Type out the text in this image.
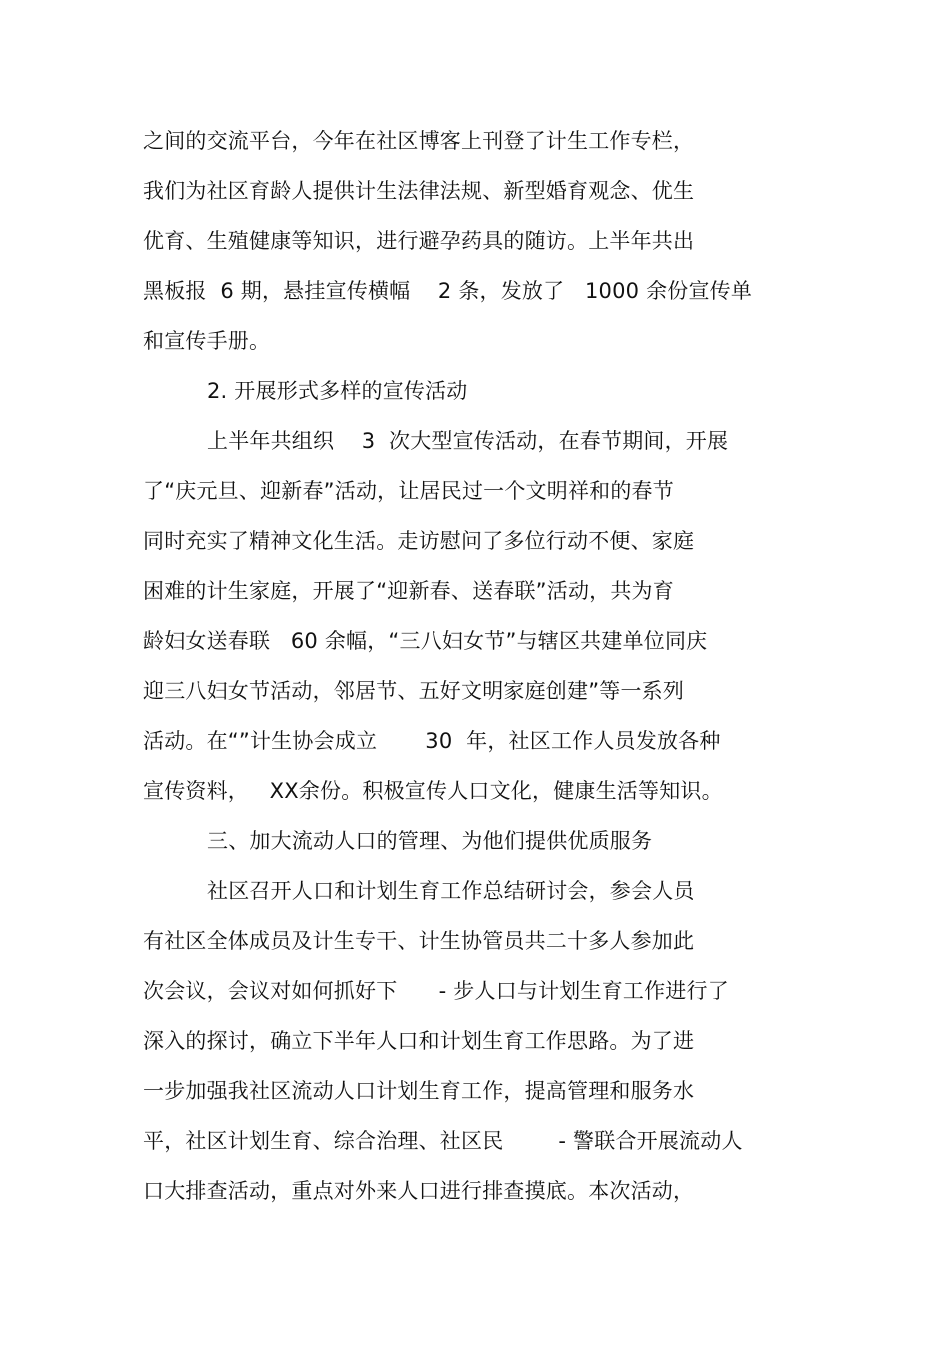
之间的交流平台，今年在社区博客上刊登了计生工作专栏，
我们为社区育龄人提供计生法律法规、新型婚育观念、优生
优育、生殖健康等知识，进行避孕药具的随访。上半年共出
黑板报  6 期，悬挂宣传横幅    2 条，发放了   1000 余份宣传单
和宣传手册。
2. 开展形式多样的宣传活动
上半年共组织    3  次大型宣传活动，在春节期间，开展
了“庆元旦、迎新春”活动，让居民过一个文明祥和的春节
同时充实了精神文化生活。走访慰问了多位行动不便、家庭
困难的计生家庭，开展了“迎新春、送春联”活动，共为育
龄妇女送春联   60 余幅，“三八妇女节”与辖区共建单位同庆
迎三八妇女节活动，邻居节、五好文明家庭创建”等一系列
活动。在“”计生协会成立       30  年，社区工作人员发放各种
宣传资料，   XX余份。积极宣传人口文化，健康生活等知识。
三、加大流动人口的管理、为他们提供优质服务
社区召开人口和计划生育工作总结研讨会，参会人员
有社区全体成员及计生专干、计生协管员共二十多人参加此
次会议，会议对如何抓好下      - 步人口与计划生育工作进行了
深入的探讨，确立下半年人口和计划生育工作思路。为了进
一步加强我社区流动人口计划生育工作，提高管理和服务水
平，社区计划生育、综合治理、社区民        - 警联合开展流动人
口大排查活动，重点对外来人口进行排查摸底。本次活动，
